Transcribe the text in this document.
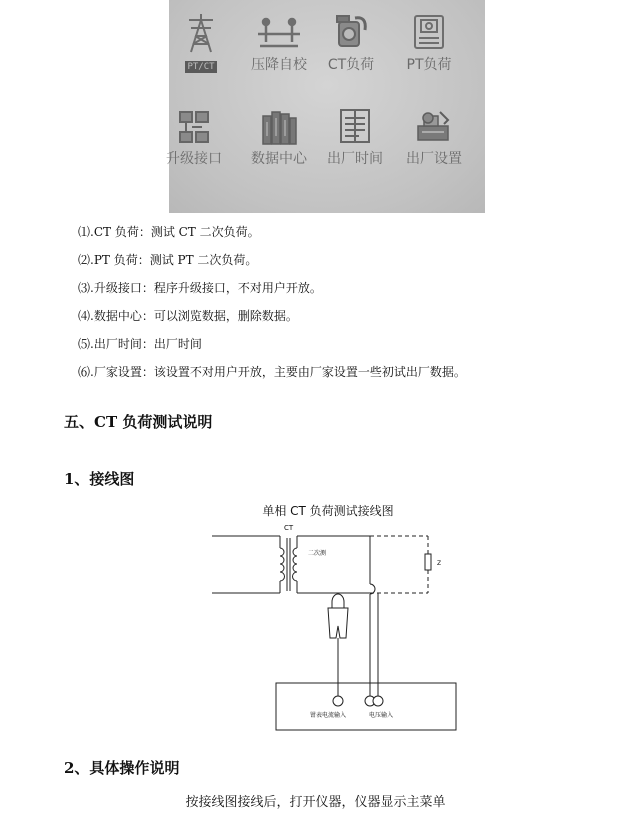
PT/CT	压降自校	CT负荷	PT负荷
升级接口	数据中心	出厂时间	出厂设置
⑴.CT 负荷：测试 CT 二次负荷。
⑵.PT 负荷：测试 PT 二次负荷。
⑶.升级接口：程序升级接口，不对用户开放。
⑷.数据中心：可以浏览数据，删除数据。
⑸.出厂时间：出厂时间
⑹.厂家设置：该设置不对用户开放，主要由厂家设置一些初试出厂数据。
五、CT 负荷测试说明
1、接线图
单相 CT 负荷测试接线图
Z
CT
二次测
钳表电流输入	电压输入
2、具体操作说明
按接线图接线后，打开仪器，仪器显示主菜单
